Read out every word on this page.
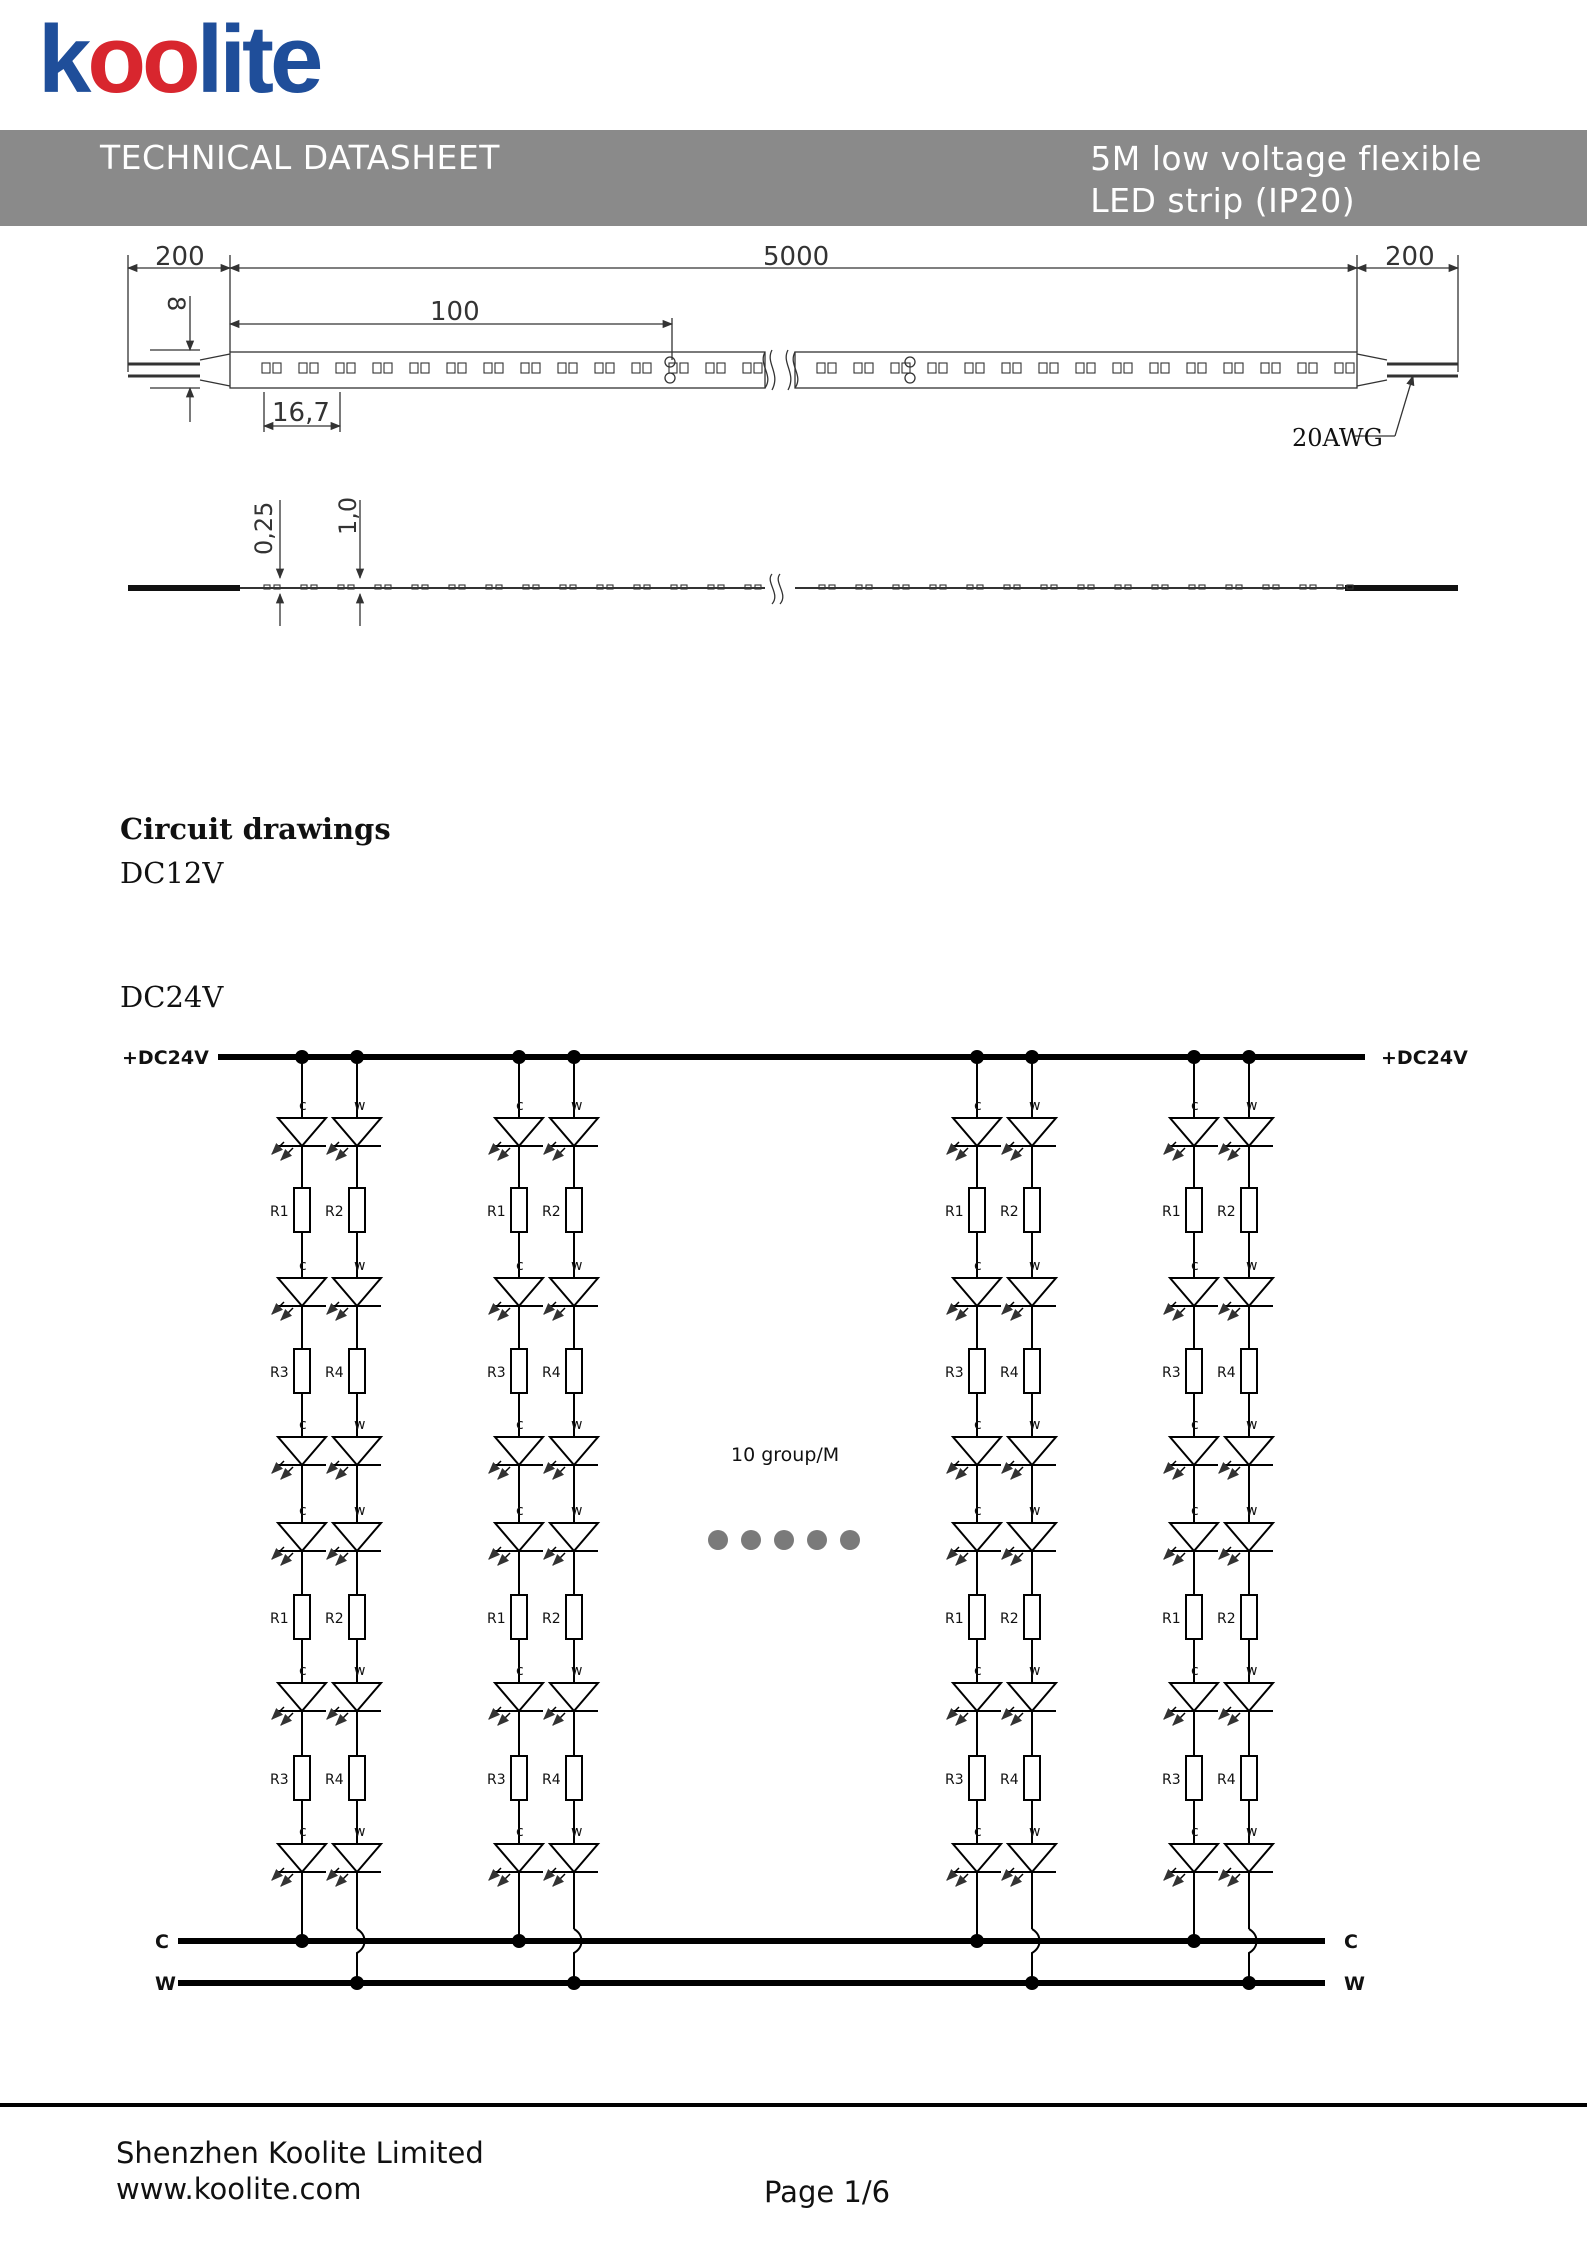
koolite
TECHNICAL DATASHEET	5M low voltage flexible
LED strip (IP20)
200	5000	200
100
8
16,7
20AWG
0,25 1,0
c	w
c	w
c	w
c	w
c	w
c	w
R1	R2
R3	R4
R1	R2
R3	R4
c	w
c	w
c	w
c	w
c	w
c	w
R1	R2
R3	R4
R1	R2
R3	R4
c	w
c	w
c	w
c	w
c	w
c	w
R1	R2
R3	R4
R1	R2
R3	R4
c	w
c	w
c	w
c	w
c	w
c	w
R1	R2
R3	R4
R1	R2
R3	R4
+DC24V	+DC24V
C	C
W	W
10 group/M
Circuit drawings
DC12V
DC24V
Shenzhen Koolite Limited
www.koolite.com	Page 1/6
